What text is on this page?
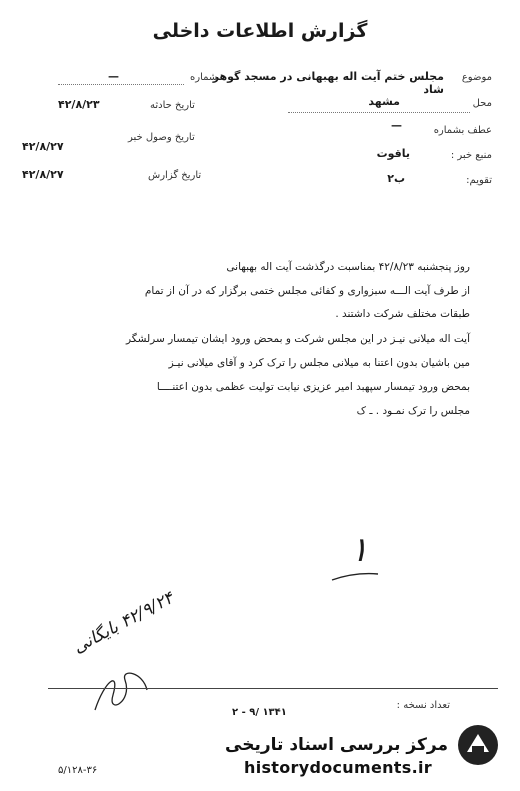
گزارش اطلاعات داخلی
موضوع
مجلس ختم آیت اله بهبهانی در مسجد گوهر شاد
محل
مشهد
عطف بشماره
—
منبع خبر :
یاقوت
تقویم:
ب۲
شماره
—
تاریخ حادثه
۴۲/۸/۲۳
تاریخ وصول خبر
۴۲/۸/۲۷
تاریخ گزارش
۴۲/۸/۲۷
روز پنجشنبه ۴۲/۸/۲۳ بمناسبت درگذشت آیت اله بهبهانی
از طرف آیت الـــه سبزواری و کفائی مجلس ختمی برگزار که در آن از تمام
طبقات مختلف شرکت داشتند .
آیت اله میلانی نیـز در این مجلس شرکت و بمحض ورود ایشان تیمسار سرلشگر
مین باشیان بدون اعتنا به میلانی مجلس را ترک کرد و آقای میلانی نیـز
بمحض ورود تیمسار سپهبد امیر عزیزی نیابت تولیت عظمی بدون اعتنــــا
مجلس را ترک نمـود . ـ ک
۱
۴۲/۹/۲۴ بایگانی
تعداد نسخه :
۲ - ۹/ ۱۳۴۱
مرکز بررسی اسناد تاریخی
historydocuments.ir
۵/۱۲۸-۳۶
